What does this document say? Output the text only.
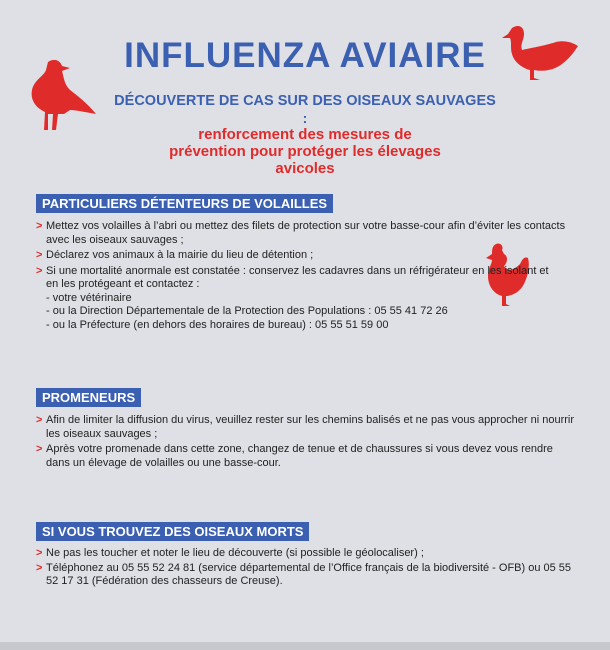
INFLUENZA AVIAIRE
DÉCOUVERTE DE CAS SUR DES OISEAUX SAUVAGES
:
renforcement des mesures de
prévention pour protéger les élevages
avicoles
PARTICULIERS DÉTENTEURS DE VOLAILLES
> Mettez vos volailles à l’abri ou mettez des filets de protection sur votre basse-cour afin d’éviter les contacts avec les oiseaux sauvages ;
> Déclarez vos animaux à la mairie du lieu de détention ;
> Si une mortalité anormale est constatée : conservez les cadavres dans un réfrigérateur en les isolant et en les protégeant et contactez :
- votre vétérinaire
- ou la Direction Départementale de la Protection des Populations : 05 55 41 72 26
- ou la Préfecture (en dehors des horaires de bureau) : 05 55 51 59 00
PROMENEURS
> Afin de limiter la diffusion du virus, veuillez rester sur les chemins balisés et ne pas vous approcher ni nourrir les oiseaux sauvages ;
> Après votre promenade dans cette zone, changez de tenue et de chaussures si vous devez vous rendre dans un élevage de volailles ou une basse-cour.
SI VOUS TROUVEZ DES OISEAUX MORTS
> Ne pas les toucher et noter le lieu de découverte (si possible le géolocaliser) ;
> Téléphonez au 05 55 52 24 81 (service départemental de l’Office français de la biodiversité - OFB) ou 05 55 52 17 31 (Fédération des chasseurs de Creuse).
